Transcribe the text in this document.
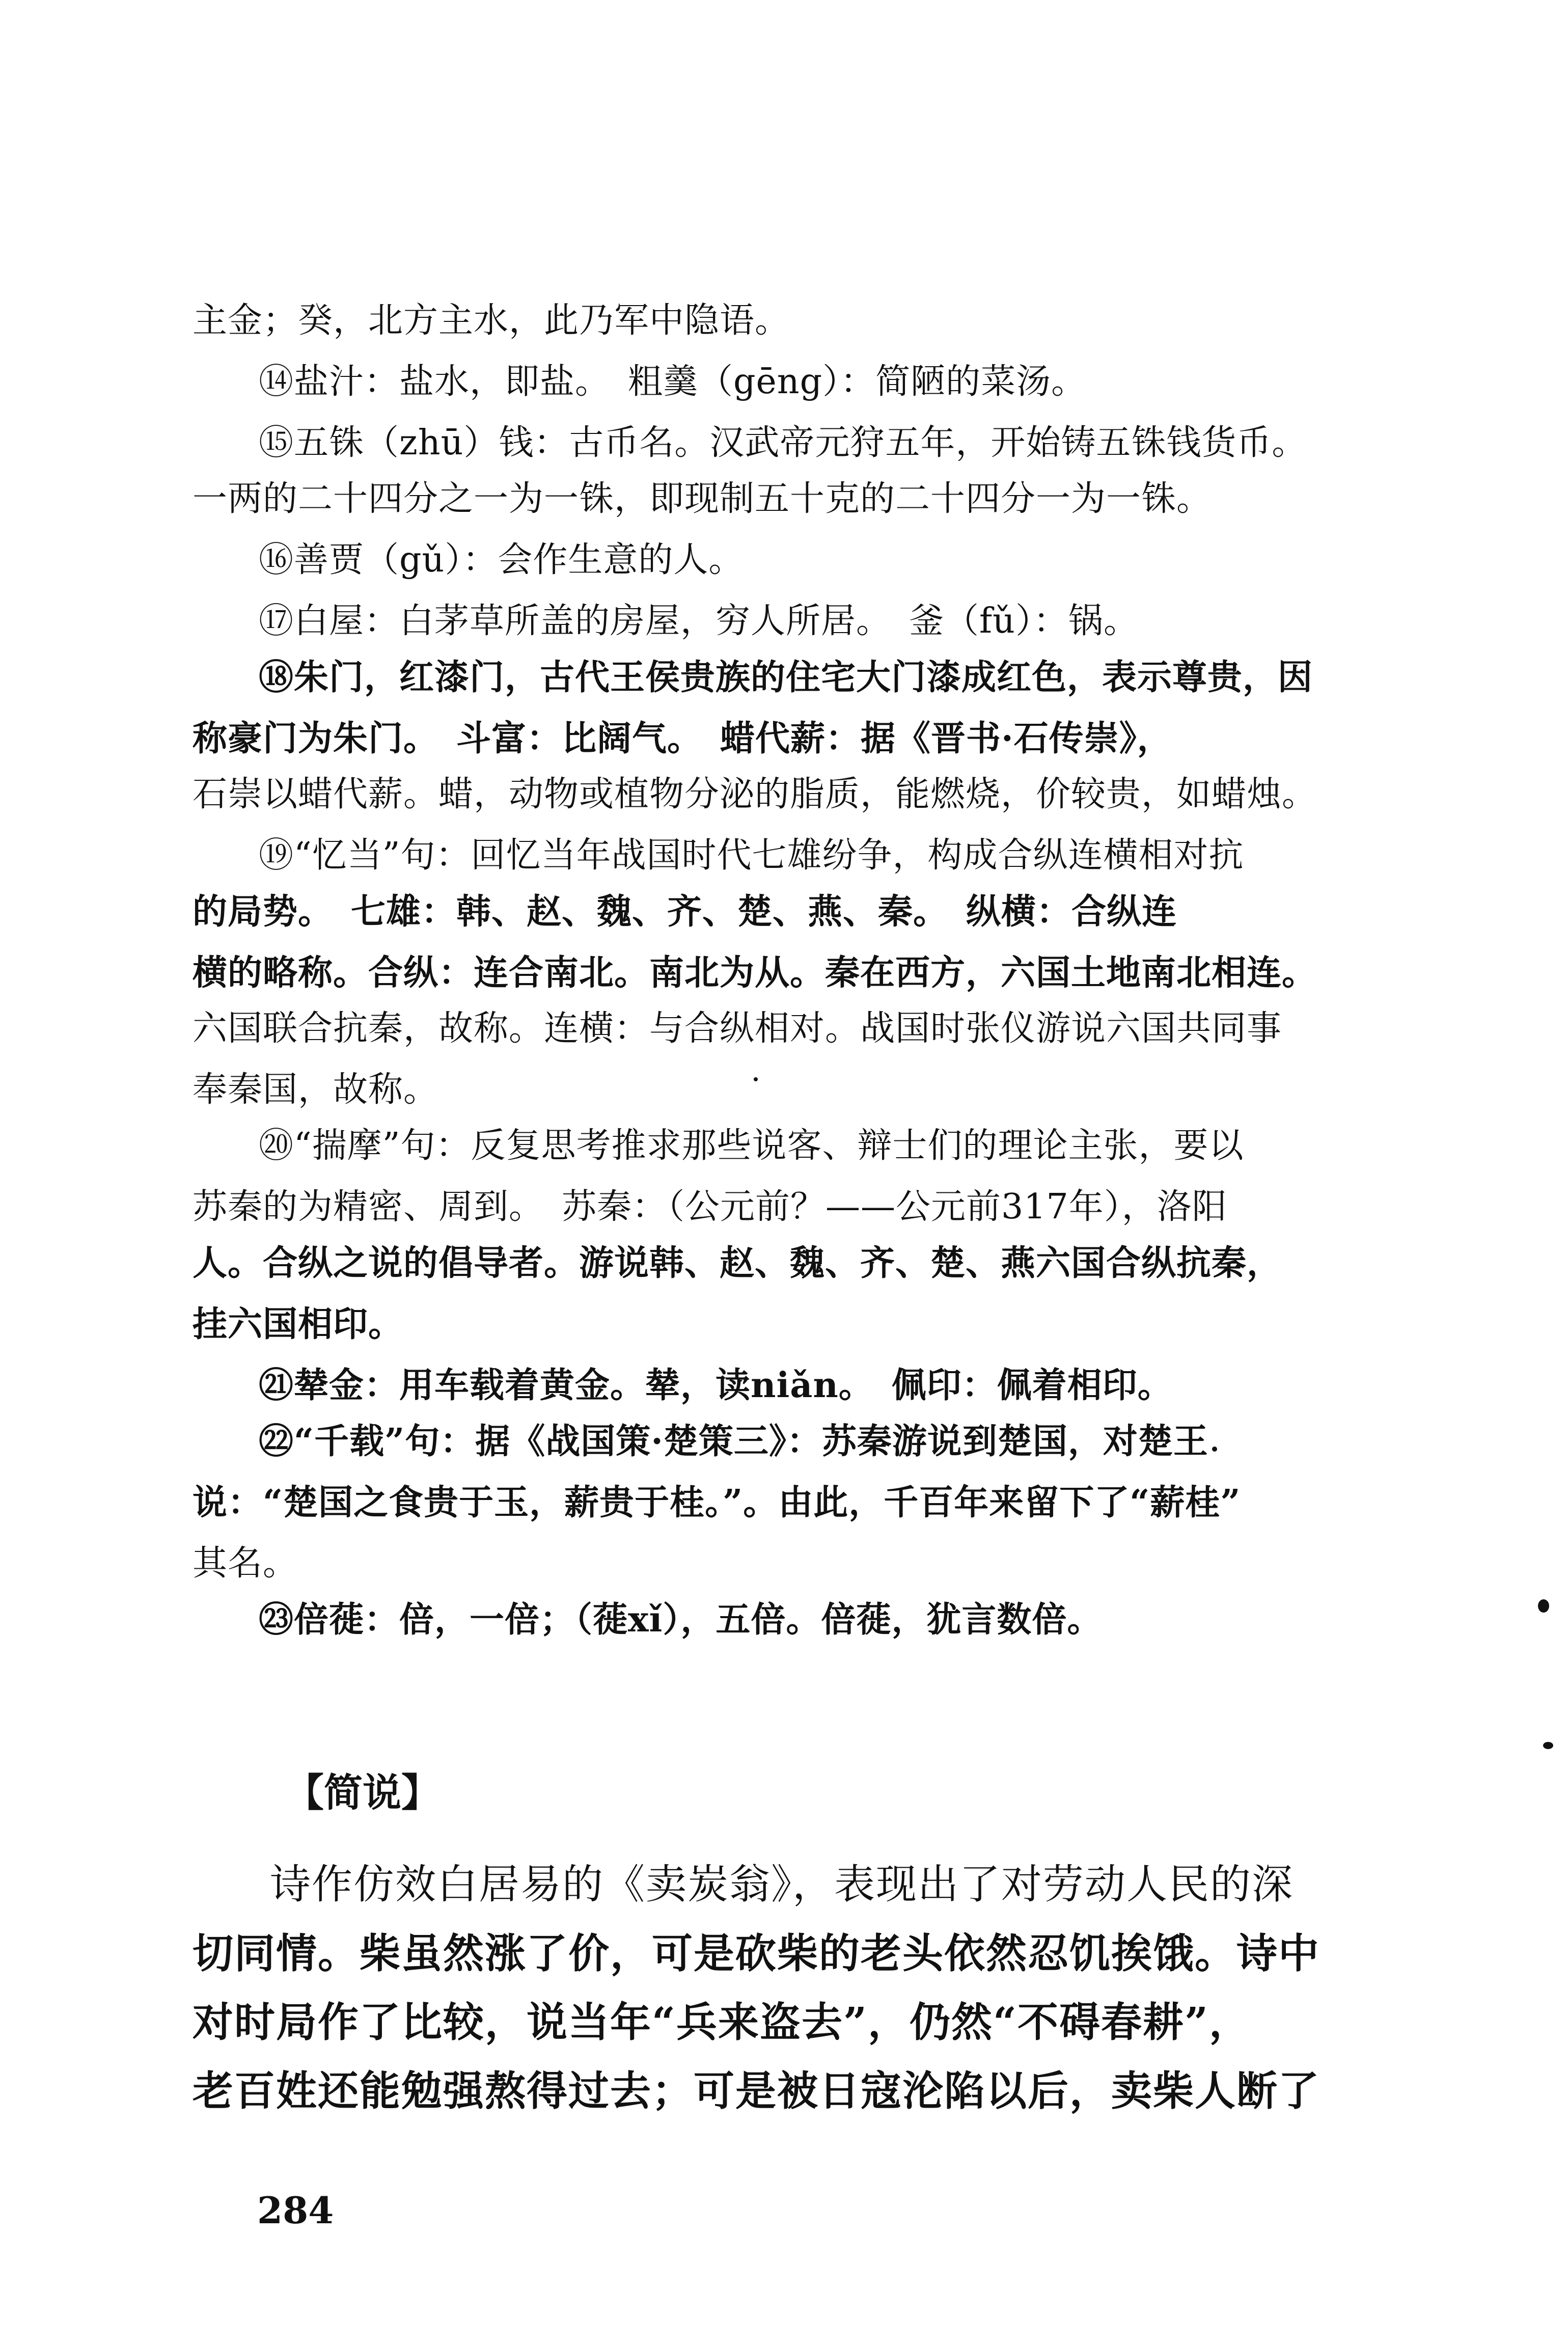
主金；癸，北方主水，此乃军中隐语。
⑭盐汁：盐水，即盐。　粗羹（gēng）：简陋的菜汤。
⑮五铢（zhū）钱：古币名。汉武帝元狩五年，开始铸五铢钱货币。
一两的二十四分之一为一铢，即现制五十克的二十四分一为一铢。
⑯善贾（gǔ）：会作生意的人。
⑰白屋：白茅草所盖的房屋，穷人所居。　釜（fǔ）：锅。
⑱朱门，红漆门，古代王侯贵族的住宅大门漆成红色，表示尊贵，因
称豪门为朱门。　斗富：比阔气。　蜡代薪：据《晋书·石传崇》，
石崇以蜡代薪。蜡，动物或植物分泌的脂质，能燃烧，价较贵，如蜡烛。
⑲“忆当”句：回忆当年战国时代七雄纷争，构成合纵连横相对抗
的局势。　七雄：韩、赵、魏、齐、楚、燕、秦。　纵横：合纵连
横的略称。合纵：连合南北。南北为从。秦在西方，六国土地南北相连。
六国联合抗秦，故称。连横：与合纵相对。战国时张仪游说六国共同事
奉秦国，故称。
⑳“揣摩”句：反复思考推求那些说客、辩士们的理论主张，要以
苏秦的为精密、周到。　苏秦：（公元前？——公元前317年），洛阳
人。合纵之说的倡导者。游说韩、赵、魏、齐、楚、燕六国合纵抗秦，
挂六国相印。
㉑辇金：用车载着黄金。辇，读niǎn。　佩印：佩着相印。
㉒“千载”句：据《战国策·楚策三》：苏秦游说到楚国，对楚王
说：“楚国之食贵于玉，薪贵于桂。”。由此，千百年来留下了“薪桂”
其名。
㉓倍蓰：倍，一倍；（蓰xǐ），五倍。倍蓰，犹言数倍。
【简说】
诗作仿效白居易的《卖炭翁》，表现出了对劳动人民的深
切同情。柴虽然涨了价，可是砍柴的老头依然忍饥挨饿。诗中
对时局作了比较，说当年“兵来盗去”，仍然“不碍春耕”，
老百姓还能勉强熬得过去；可是被日寇沦陷以后，卖柴人断了
284
